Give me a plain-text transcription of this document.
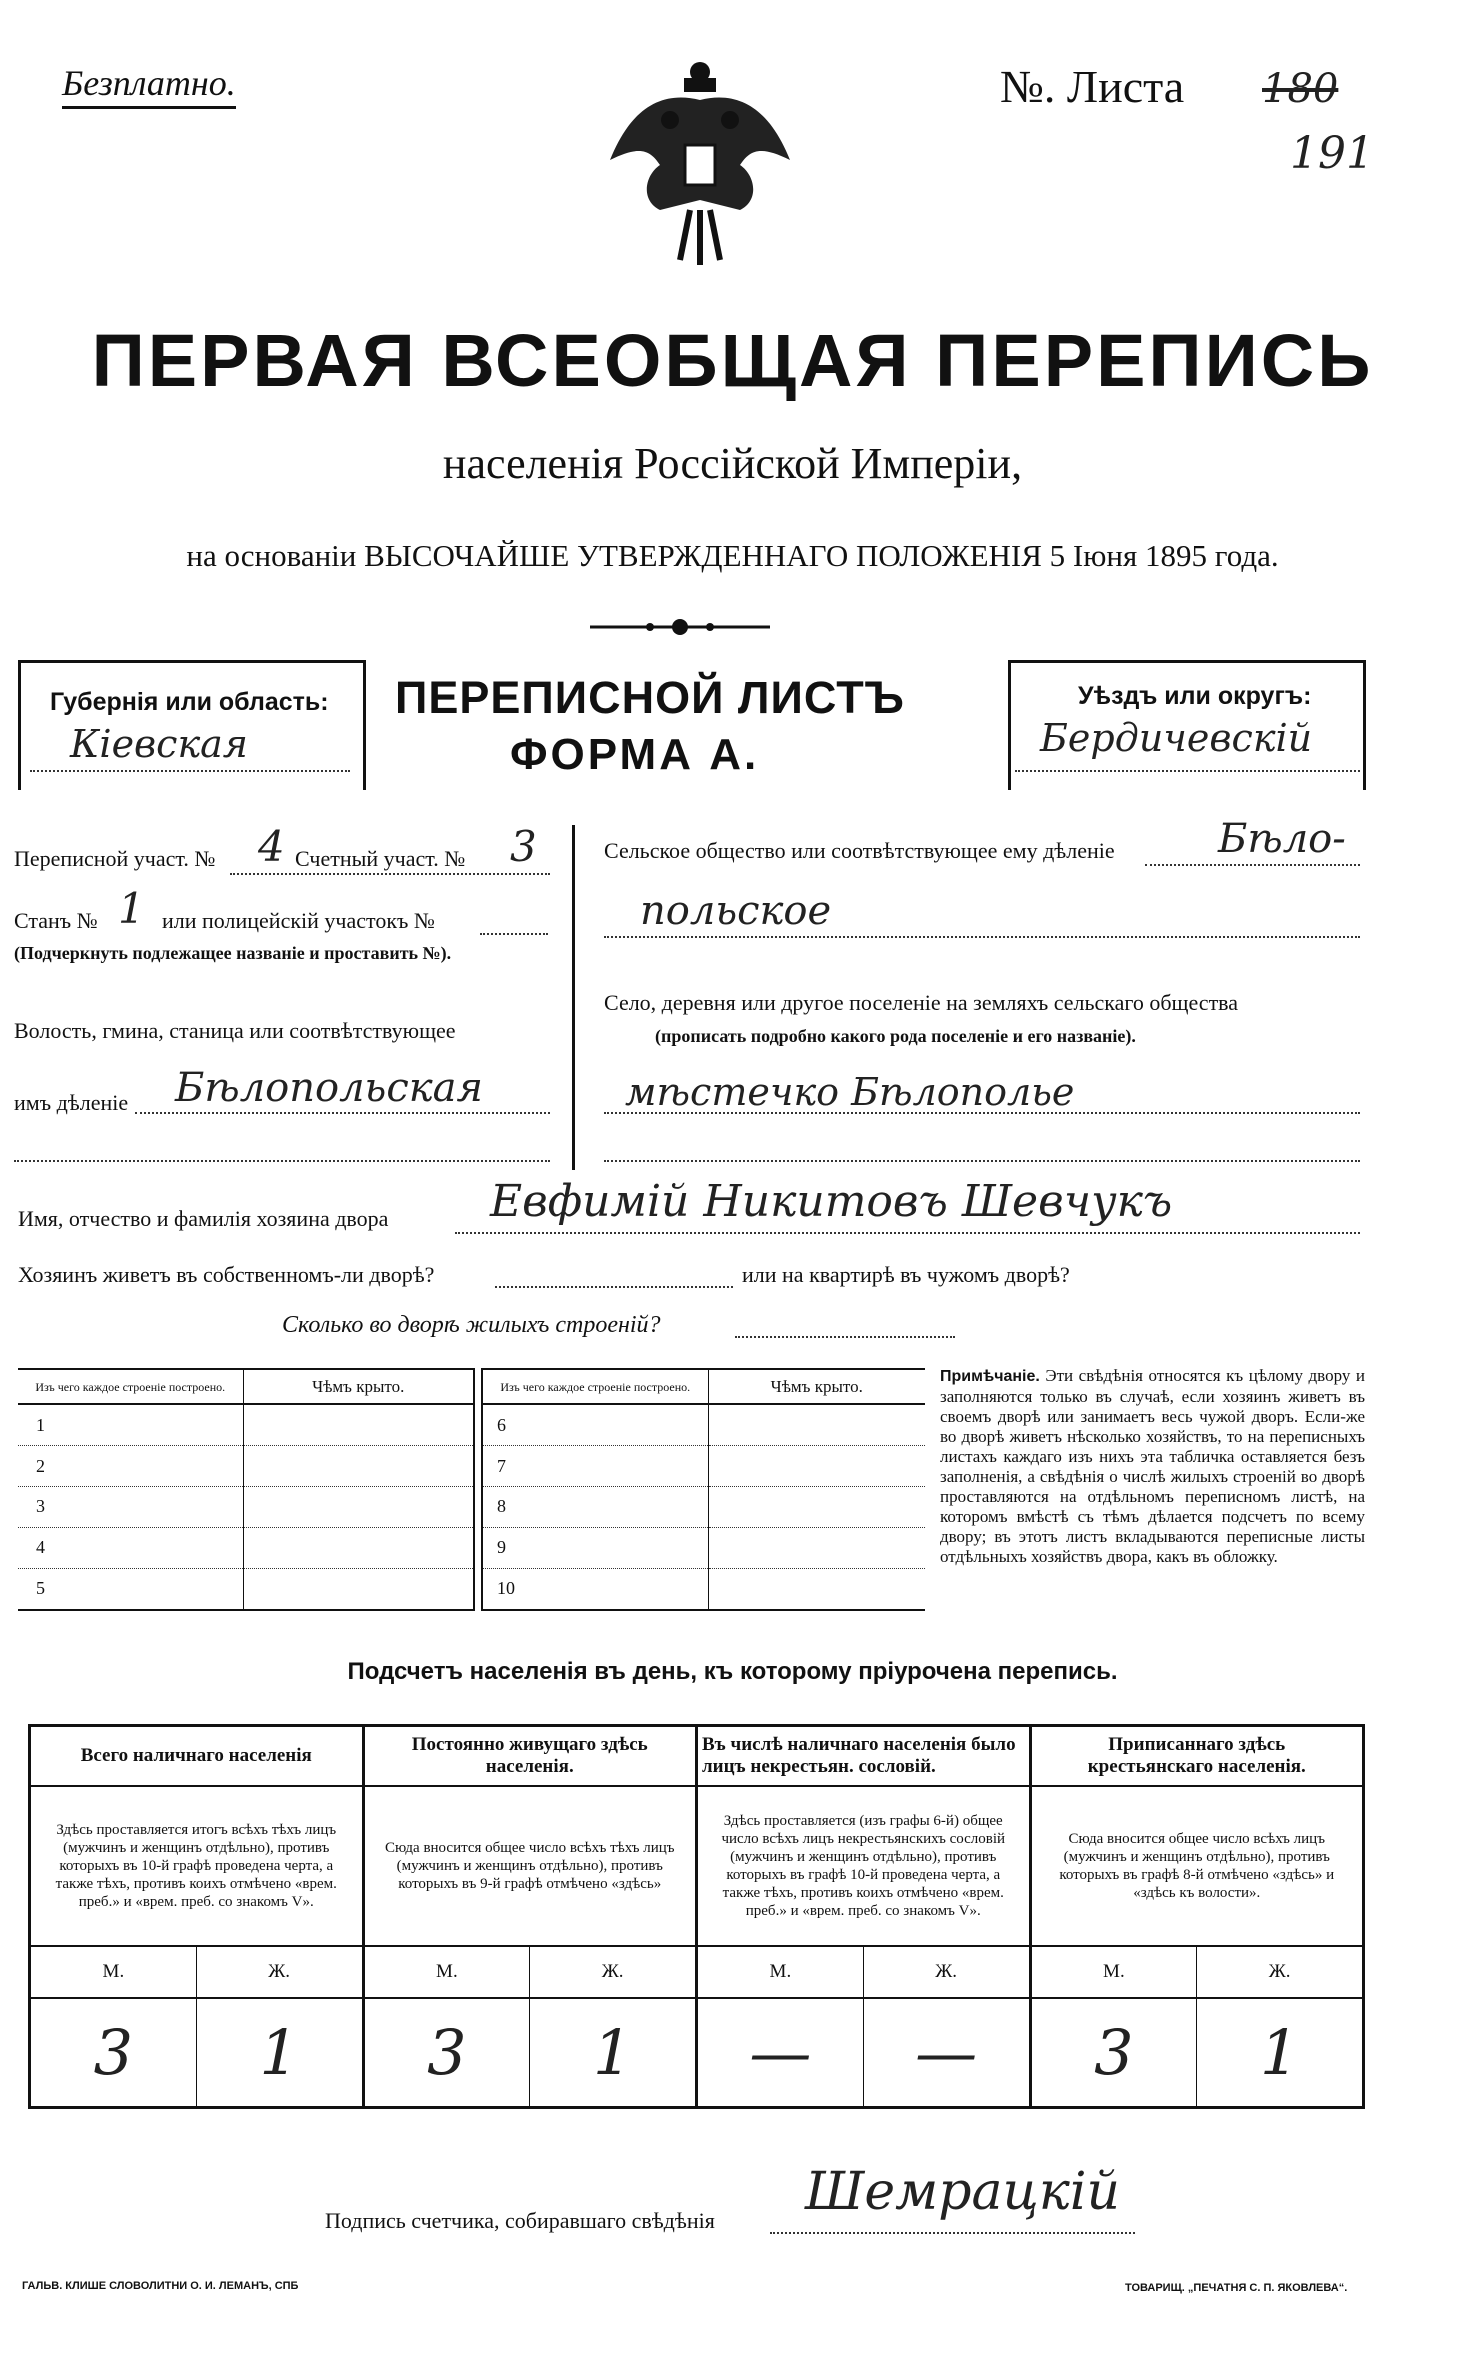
Безплатно.	№. Листа 180
191
ПЕРВАЯ ВСЕОБЩАЯ ПЕРЕПИСЬ
населенія Россійской Имперіи,
на основаніи ВЫСОЧАЙШЕ УТВЕРЖДЕННАГО ПОЛОЖЕНІЯ 5 Іюня 1895 года.
Губернія или область:
Кіевская
ПЕРЕПИСНОЙ ЛИСТЪ
ФОРМА А.
Уѣздъ или округъ:
Бердичевскій
Переписной участ. № 4 Счетный участ. № 3
Станъ № 1 или полицейскій участокъ №
(Подчеркнуть подлежащее названіе и проставить №).
Волость, гмина, станица или соотвѣтствующее
имъ дѣленіе Бѣлопольская
Сельское общество или соотвѣтствующее ему дѣленіе	Бѣло-
польское
Село, деревня или другое поселеніе на земляхъ сельскаго общества
(прописать подробно какого рода поселеніе и его названіе).
мѣстечко Бѣлополье
Имя, отчество и фамилія хозяина двора Евфимій Никитовъ Шевчукъ
Хозяинъ живетъ въ собственномъ-ли дворѣ?	или на квартирѣ въ чужомъ дворѣ?
Сколько во дворѣ жилыхъ строеній?
Изъ чего каждое строеніе построено.	Чѣмъ крыто.
1	
2	
3	
4	
5	
Изъ чего каждое строеніе построено.	Чѣмъ крыто.
6	
7	
8	
9	
10	
Примѣчаніе. Эти свѣдѣнія относятся къ цѣлому двору и заполняются только въ случаѣ, если хозяинъ живетъ въ своемъ дворѣ или занимаетъ весь чужой дворъ. Если-же во дворѣ живетъ нѣсколько хозяйствъ, то на переписныхъ листахъ каждаго изъ нихъ эта табличка оставляется безъ заполненія, а свѣдѣнія о числѣ жилыхъ строеній во дворѣ проставляются на отдѣльномъ переписномъ листѣ, на которомъ вмѣстѣ съ тѣмъ дѣлается подсчетъ по всему двору; въ этотъ листъ вкладываются переписные листы отдѣльныхъ хозяйствъ двора, какъ въ обложку.
Подсчетъ населенія въ день, къ которому пріурочена перепись.
Всего наличнаго населенія		Постоянно живущаго здѣсь населенія.		Въ числѣ наличнаго населенія было лицъ некрестьян. сословій.		Приписаннаго здѣсь крестьянскаго населенія.	
Здѣсь проставляется итогъ всѣхъ тѣхъ лицъ (мужчинъ и женщинъ отдѣльно), противъ которыхъ въ 10-й графѣ проведена черта, а также тѣхъ, противъ коихъ отмѣчено «врем. преб.» и «врем. преб. со знакомъ V».		Сюда вносится общее число всѣхъ тѣхъ лицъ (мужчинъ и женщинъ отдѣльно), противъ которыхъ въ 9-й графѣ отмѣчено «здѣсь»		Здѣсь проставляется (изъ графы 6-й) общее число всѣхъ лицъ некрестьянскихъ сословій (мужчинъ и женщинъ отдѣльно), противъ которыхъ въ графѣ 10-й проведена черта, а также тѣхъ, противъ коихъ отмѣчено «врем. преб.» и «врем. преб. со знакомъ V».		Сюда вносится общее число всѣхъ лицъ (мужчинъ и женщинъ отдѣльно), противъ которыхъ въ графѣ 8-й отмѣчено «здѣсь» и «здѣсь къ волости».	
М.	Ж.	М.	Ж.	М.	Ж.	М.	Ж.
3	1	3	1	—	—	3	1
Подпись счетчика, собиравшаго свѣдѣнія Шемрацкій
ГАЛЬВ. КЛИШЕ СЛОВОЛИТНИ О. И. ЛЕМАНЪ, СПБ	ТОВАРИЩ. „ПЕЧАТНЯ С. П. ЯКОВЛЕВА“.
